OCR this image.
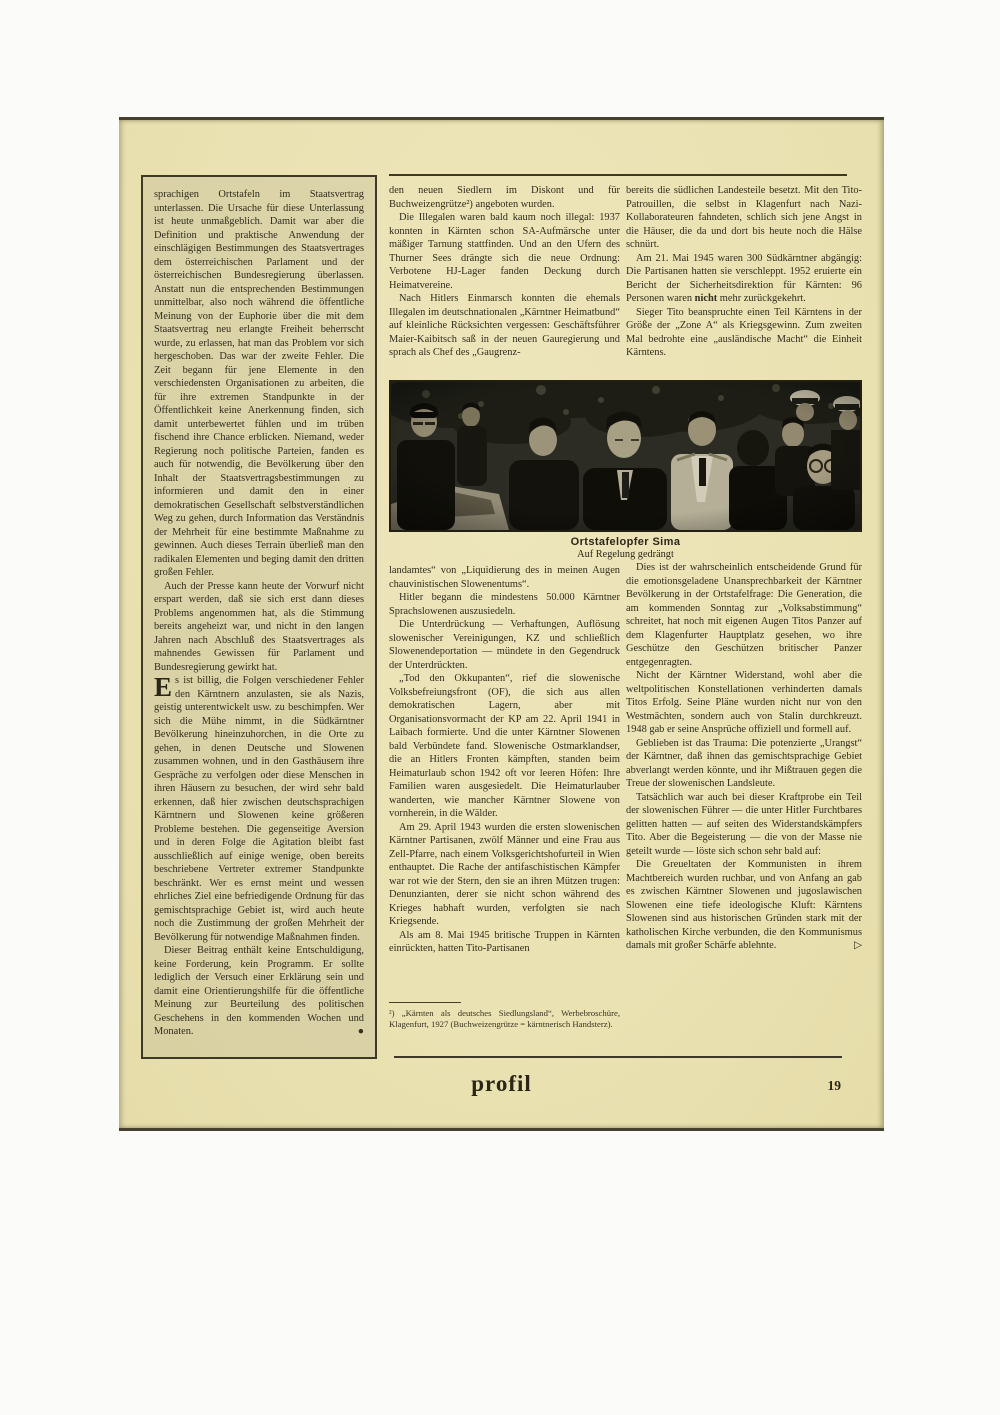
sprachigen Ortstafeln im Staatsvertrag unterlassen. Die Ursache für diese Unterlassung ist heute unmaßgeblich. Damit war aber die Definition und praktische Anwendung der einschlägigen Bestimmungen des Staatsvertrages dem österreichischen Parlament und der österreichischen Bundesregierung überlassen. Anstatt nun die entsprechenden Bestimmungen unmittelbar, also noch während die öffentliche Meinung von der Euphorie über die mit dem Staatsvertrag neu erlangte Freiheit beherrscht wurde, zu erlassen, hat man das Problem vor sich hergeschoben. Das war der zweite Fehler. Die Zeit begann für jene Elemente in den verschiedensten Organisationen zu arbeiten, die für ihre extremen Standpunkte in der Öffentlichkeit keine Anerkennung finden, sich damit unterbewertet fühlen und im trüben fischend ihre Chance erblicken. Niemand, weder Regierung noch politische Parteien, fanden es auch für notwendig, die Bevölkerung über den Inhalt der Staatsvertragsbestimmungen zu informieren und damit den in einer demokratischen Gesellschaft selbstverständlichen Weg zu gehen, durch Information das Verständnis der Mehrheit für eine bestimmte Maßnahme zu gewinnen. Auch dieses Terrain überließ man den radikalen Elementen und beging damit den dritten großen Fehler.

Auch der Presse kann heute der Vorwurf nicht erspart werden, daß sie sich erst dann dieses Problems angenommen hat, als die Stimmung bereits angeheizt war, und nicht in den langen Jahren nach Abschluß des Staatsvertrages als mahnendes Gewissen für Parlament und Bundesregierung gewirkt hat.

Es ist billig, die Folgen verschiedener Fehler den Kärntnern anzulasten, sie als Nazis, geistig unterentwickelt usw. zu beschimpfen. Wer sich die Mühe nimmt, in die Südkärntner Bevölkerung hineinzuhorchen, in die Orte zu gehen, in denen Deutsche und Slowenen zusammen wohnen, und in den Gasthäusern ihre Gespräche zu verfolgen oder diese Menschen in ihren Häusern zu besuchen, der wird sehr bald erkennen, daß hier zwischen deutschsprachigen Kärntnern und Slowenen keine größeren Probleme bestehen. Die gegenseitige Aversion und in deren Folge die Agitation bleibt fast ausschließlich auf einige wenige, oben bereits beschriebene Vertreter extremer Standpunkte beschränkt. Wer es ernst meint und wessen ehrliches Ziel eine befriedigende Ordnung für das gemischtsprachige Gebiet ist, wird auch heute noch die Zustimmung der großen Mehrheit der Bevölkerung für notwendige Maßnahmen finden.

Dieser Beitrag enthält keine Entschuldigung, keine Forderung, kein Programm. Er sollte lediglich der Versuch einer Erklärung sein und damit eine Orientierungshilfe für die öffentliche Meinung zur Beurteilung des politischen Geschehens in den kommenden Wochen und Monaten.	●

den neuen Siedlern im Diskont und für Buchweizengrütze²) angeboten wurden.

Die Illegalen waren bald kaum noch illegal: 1937 konnten in Kärnten schon SA-Aufmärsche unter mäßiger Tarnung stattfinden. Und an den Ufern des Thurner Sees drängte sich die neue Ordnung: Verbotene HJ-Lager fanden Deckung durch Heimatvereine.

Nach Hitlers Einmarsch konnten die ehemals Illegalen im deutschnationalen „Kärntner Heimatbund“ auf kleinliche Rücksichten vergessen: Geschäftsführer Maier-Kaibitsch saß in der neuen Gauregierung und sprach als Chef des „Gaugrenz-

bereits die südlichen Landesteile besetzt. Mit den Tito-Patrouillen, die selbst in Klagenfurt nach Nazi-Kollaborateuren fahndeten, schlich sich jene Angst in die Häuser, die da und dort bis heute noch die Hälse schnürt.

Am 21. Mai 1945 waren 300 Südkärntner abgängig: Die Partisanen hatten sie verschleppt. 1952 eruierte ein Bericht der Sicherheitsdirektion für Kärnten: 96 Personen waren nicht mehr zurückgekehrt.

Sieger Tito beanspruchte einen Teil Kärntens in der Größe der „Zone A“ als Kriegsgewinn. Zum zweiten Mal bedrohte eine „ausländische Macht“ die Einheit Kärntens.

Ortstafelopfer Sima
Auf Regelung gedrängt

landamtes“ von „Liquidierung des in meinen Augen chauvinistischen Slowenentums“.

Hitler begann die mindestens 50.000 Kärntner Sprachslowenen auszusiedeln.

Die Unterdrückung — Verhaftungen, Auflösung slowenischer Vereinigungen, KZ und schließlich Slowenendeportation — mündete in den Gegendruck der Unterdrückten.

„Tod den Okkupanten“, rief die slowenische Volksbefreiungsfront (OF), die sich aus allen demokratischen Lagern, aber mit Organisationsvormacht der KP am 22. April 1941 in Laibach formierte. Und die unter Kärntner Slowenen bald Verbündete fand. Slowenische Ostmarklandser, die an Hitlers Fronten kämpften, standen beim Heimaturlaub schon 1942 oft vor leeren Höfen: Ihre Familien waren ausgesiedelt. Die Heimaturlauber wanderten, wie mancher Kärntner Slowene von vornherein, in die Wälder.

Am 29. April 1943 wurden die ersten slowenischen Kärntner Partisanen, zwölf Männer und eine Frau aus Zell-Pfarre, nach einem Volksgerichtshofurteil in Wien enthauptet. Die Rache der antifaschistischen Kämpfer war rot wie der Stern, den sie an ihren Mützen trugen: Denunzianten, derer sie nicht schon während des Krieges habhaft wurden, verfolgten sie nach Kriegsende.

Als am 8. Mai 1945 britische Truppen in Kärnten einrückten, hatten Tito-Partisanen

Dies ist der wahrscheinlich entscheidende Grund für die emotionsgeladene Unansprechbarkeit der Kärntner Bevölkerung in der Ortstafelfrage: Die Generation, die am kommenden Sonntag zur „Volksabstimmung“ schreitet, hat noch mit eigenen Augen Titos Panzer auf dem Klagenfurter Hauptplatz gesehen, wo ihre Geschütze den Geschützen britischer Panzer entgegenragten.

Nicht der Kärntner Widerstand, wohl aber die weltpolitischen Konstellationen verhinderten damals Titos Erfolg. Seine Pläne wurden nicht nur von den Westmächten, sondern auch von Stalin durchkreuzt. 1948 gab er seine Ansprüche offiziell und formell auf.

Geblieben ist das Trauma: Die potenzierte „Urangst“ der Kärntner, daß ihnen das gemischtsprachige Gebiet abverlangt werden könnte, und ihr Mißtrauen gegen die Treue der slowenischen Landsleute.

Tatsächlich war auch bei dieser Kraftprobe ein Teil der slowenischen Führer — die unter Hitler Furchtbares gelitten hatten — auf seiten des Widerstandskämpfers Tito. Aber die Begeisterung — die von der Masse nie geteilt wurde — löste sich schon sehr bald auf:

Die Greueltaten der Kommunisten in ihrem Machtbereich wurden ruchbar, und von Anfang an gab es zwischen Kärntner Slowenen und jugoslawischen Slowenen eine tiefe ideologische Kluft: Kärntens Slowenen sind aus historischen Gründen stark mit der katholischen Kirche verbunden, die den Kommunismus damals mit großer Schärfe ablehnte.	▷

²) „Kärnten als deutsches Siedlungsland“, Werbebroschüre, Klagenfurt, 1927 (Buchweizengrütze = kärntnerisch Handsterz).
profil	19
